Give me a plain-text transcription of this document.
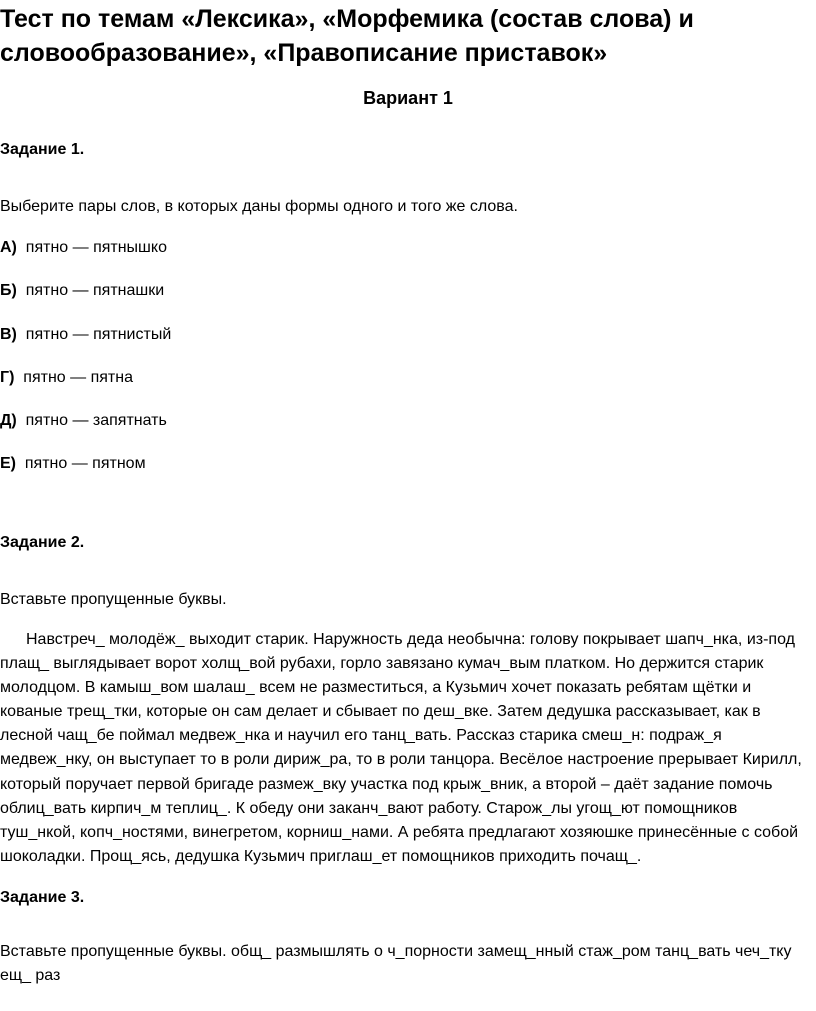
Тест по темам «Лексика», «Морфемика (состав слова) и словообразование», «Правописание приставок»
Вариант 1
Задание 1.
Выберите пары слов, в которых даны формы одного и того же слова.
А) пятно — пятнышко
Б) пятно — пятнашки
В) пятно — пятнистый
Г) пятно — пятна
Д) пятно — запятнать
Е) пятно — пятном
Задание 2.
Вставьте пропущенные буквы.

Навстреч_ молодёж_ выходит старик. Наружность деда необычна: голову покрывает шапч_нка, из-под плащ_ выглядывает ворот холщ_вой рубахи, горло завязано кумач_вым платком. Но держится старик молодцом. В камыш_вом шалаш_ всем не разместиться, а Кузьмич хочет показать ребятам щётки и кованые трещ_тки, которые он сам делает и сбывает по деш_вке. Затем дедушка рассказывает, как в лесной чащ_бе поймал медвеж_нка и научил его танц_вать. Рассказ старика смеш_н: подраж_я медвеж_нку, он выступает то в роли дириж_ра, то в роли танцора. Весёлое настроение прерывает Кирилл, который поручает первой бригаде размеж_вку участка под крыж_вник, а второй – даёт задание помочь облиц_вать кирпич_м теплиц_. К обеду они заканч_вают работу. Старож_лы угощ_ют помощников туш_нкой, копч_ностями, винегретом, корниш_нами. А ребята предлагают хозяюшке принесённые с собой шоколадки. Прощ_ясь, дедушка Кузьмич приглаш_ет помощников приходить почащ_.

Задание 3.

Вставьте пропущенные буквы. общ_ размышлять о ч_порности замещ_нный стаж_ром танц_вать чеч_тку ещ_ раз
